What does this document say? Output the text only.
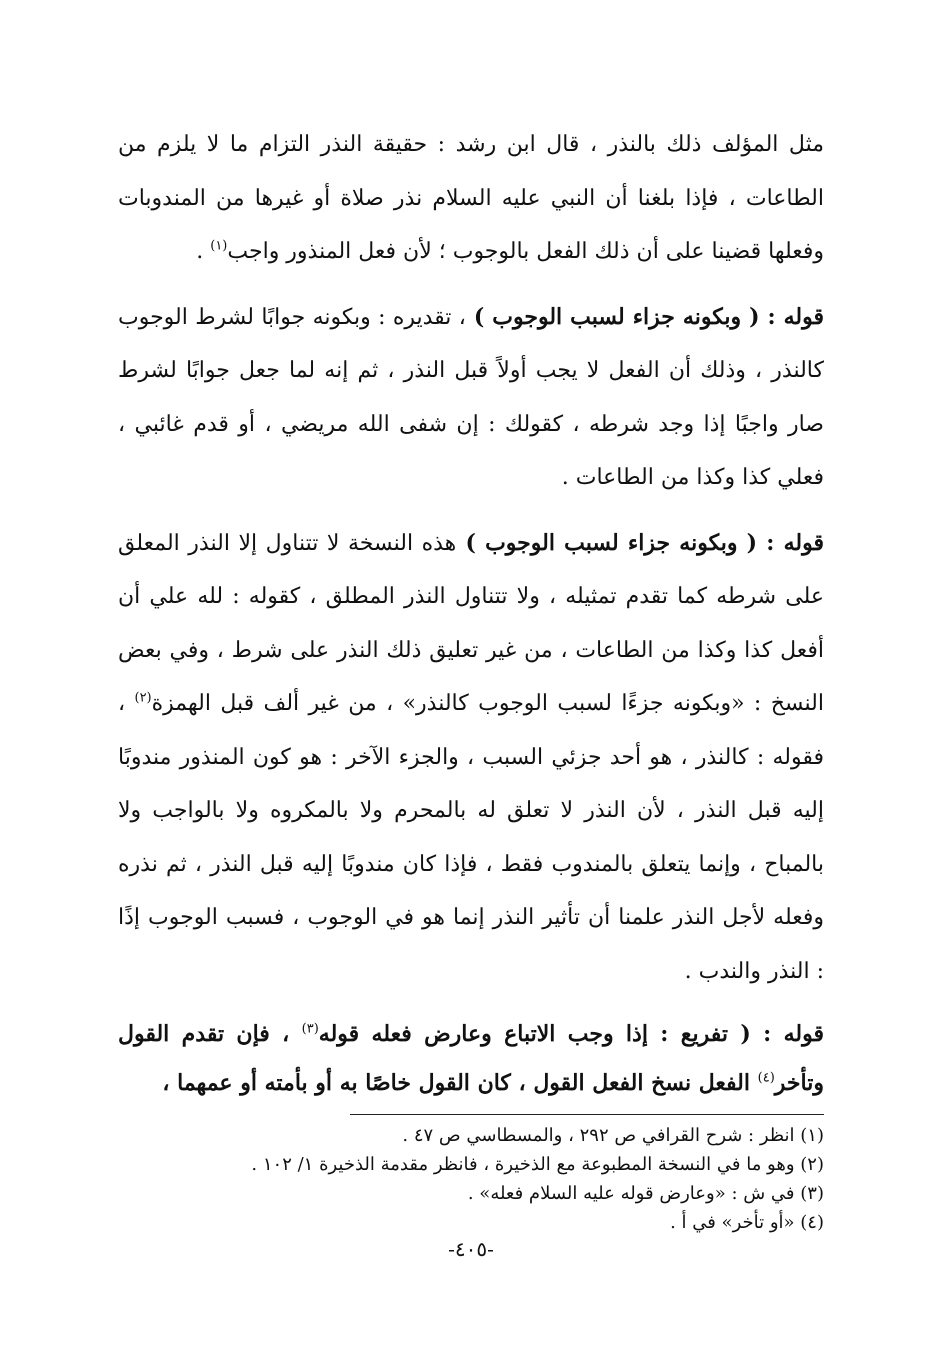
مثل المؤلف ذلك بالنذر ، قال ابن رشد : حقيقة النذر التزام ما لا يلزم من الطاعات ، فإذا بلغنا أن النبي عليه السلام نذر صلاة أو غيرها من المندوبات وفعلها قضينا على أن ذلك الفعل بالوجوب ؛ لأن فعل المنذور واجب$^{(١)}$ .

قوله : ( وبكونه جزاء لسبب الوجوب ) ، تقديره : وبكونه جوابًا لشرط الوجوب كالنذر ، وذلك أن الفعل لا يجب أولاً قبل النذر ، ثم إنه لما جعل جوابًا لشرط صار واجبًا إذا وجد شرطه ، كقولك : إن شفى الله مريضي ، أو قدم غائبي ، فعلي كذا وكذا من الطاعات .

قوله : ( وبكونه جزاء لسبب الوجوب ) هذه النسخة لا تتناول إلا النذر المعلق على شرطه كما تقدم تمثيله ، ولا تتناول النذر المطلق ، كقوله : لله علي أن أفعل كذا وكذا من الطاعات ، من غير تعليق ذلك النذر على شرط ، وفي بعض النسخ : «وبكونه جزءًا لسبب الوجوب كالنذر» ، من غير ألف قبل الهمزة$^{(٢)}$ ، فقوله : كالنذر ، هو أحد جزئي السبب ، والجزء الآخر : هو كون المنذور مندوبًا إليه قبل النذر ، لأن النذر لا تعلق له بالمحرم ولا بالمكروه ولا بالواجب ولا بالمباح ، وإنما يتعلق بالمندوب فقط ، فإذا كان مندوبًا إليه قبل النذر ، ثم نذره وفعله لأجل النذر علمنا أن تأثير النذر إنما هو في الوجوب ، فسبب الوجوب إذًا : النذر والندب .

قوله : ( تفريع : إذا وجب الاتباع وعارض فعله قوله$^{(٣)}$ ، فإن تقدم القول وتأخر$^{(٤)}$ الفعل نسخ الفعل القول ، كان القول خاصًا به أو بأمته أو عمهما ،

(١) انظر : شرح القرافي ص ٢٩٢ ، والمسطاسي ص ٤٧ .

(٢) وهو ما في النسخة المطبوعة مع الذخيرة ، فانظر مقدمة الذخيرة ١/ ١٠٢ .

(٣) في ش : «وعارض قوله عليه السلام فعله» .

(٤) «أو تأخر» في أ .

-٤٠٥-
